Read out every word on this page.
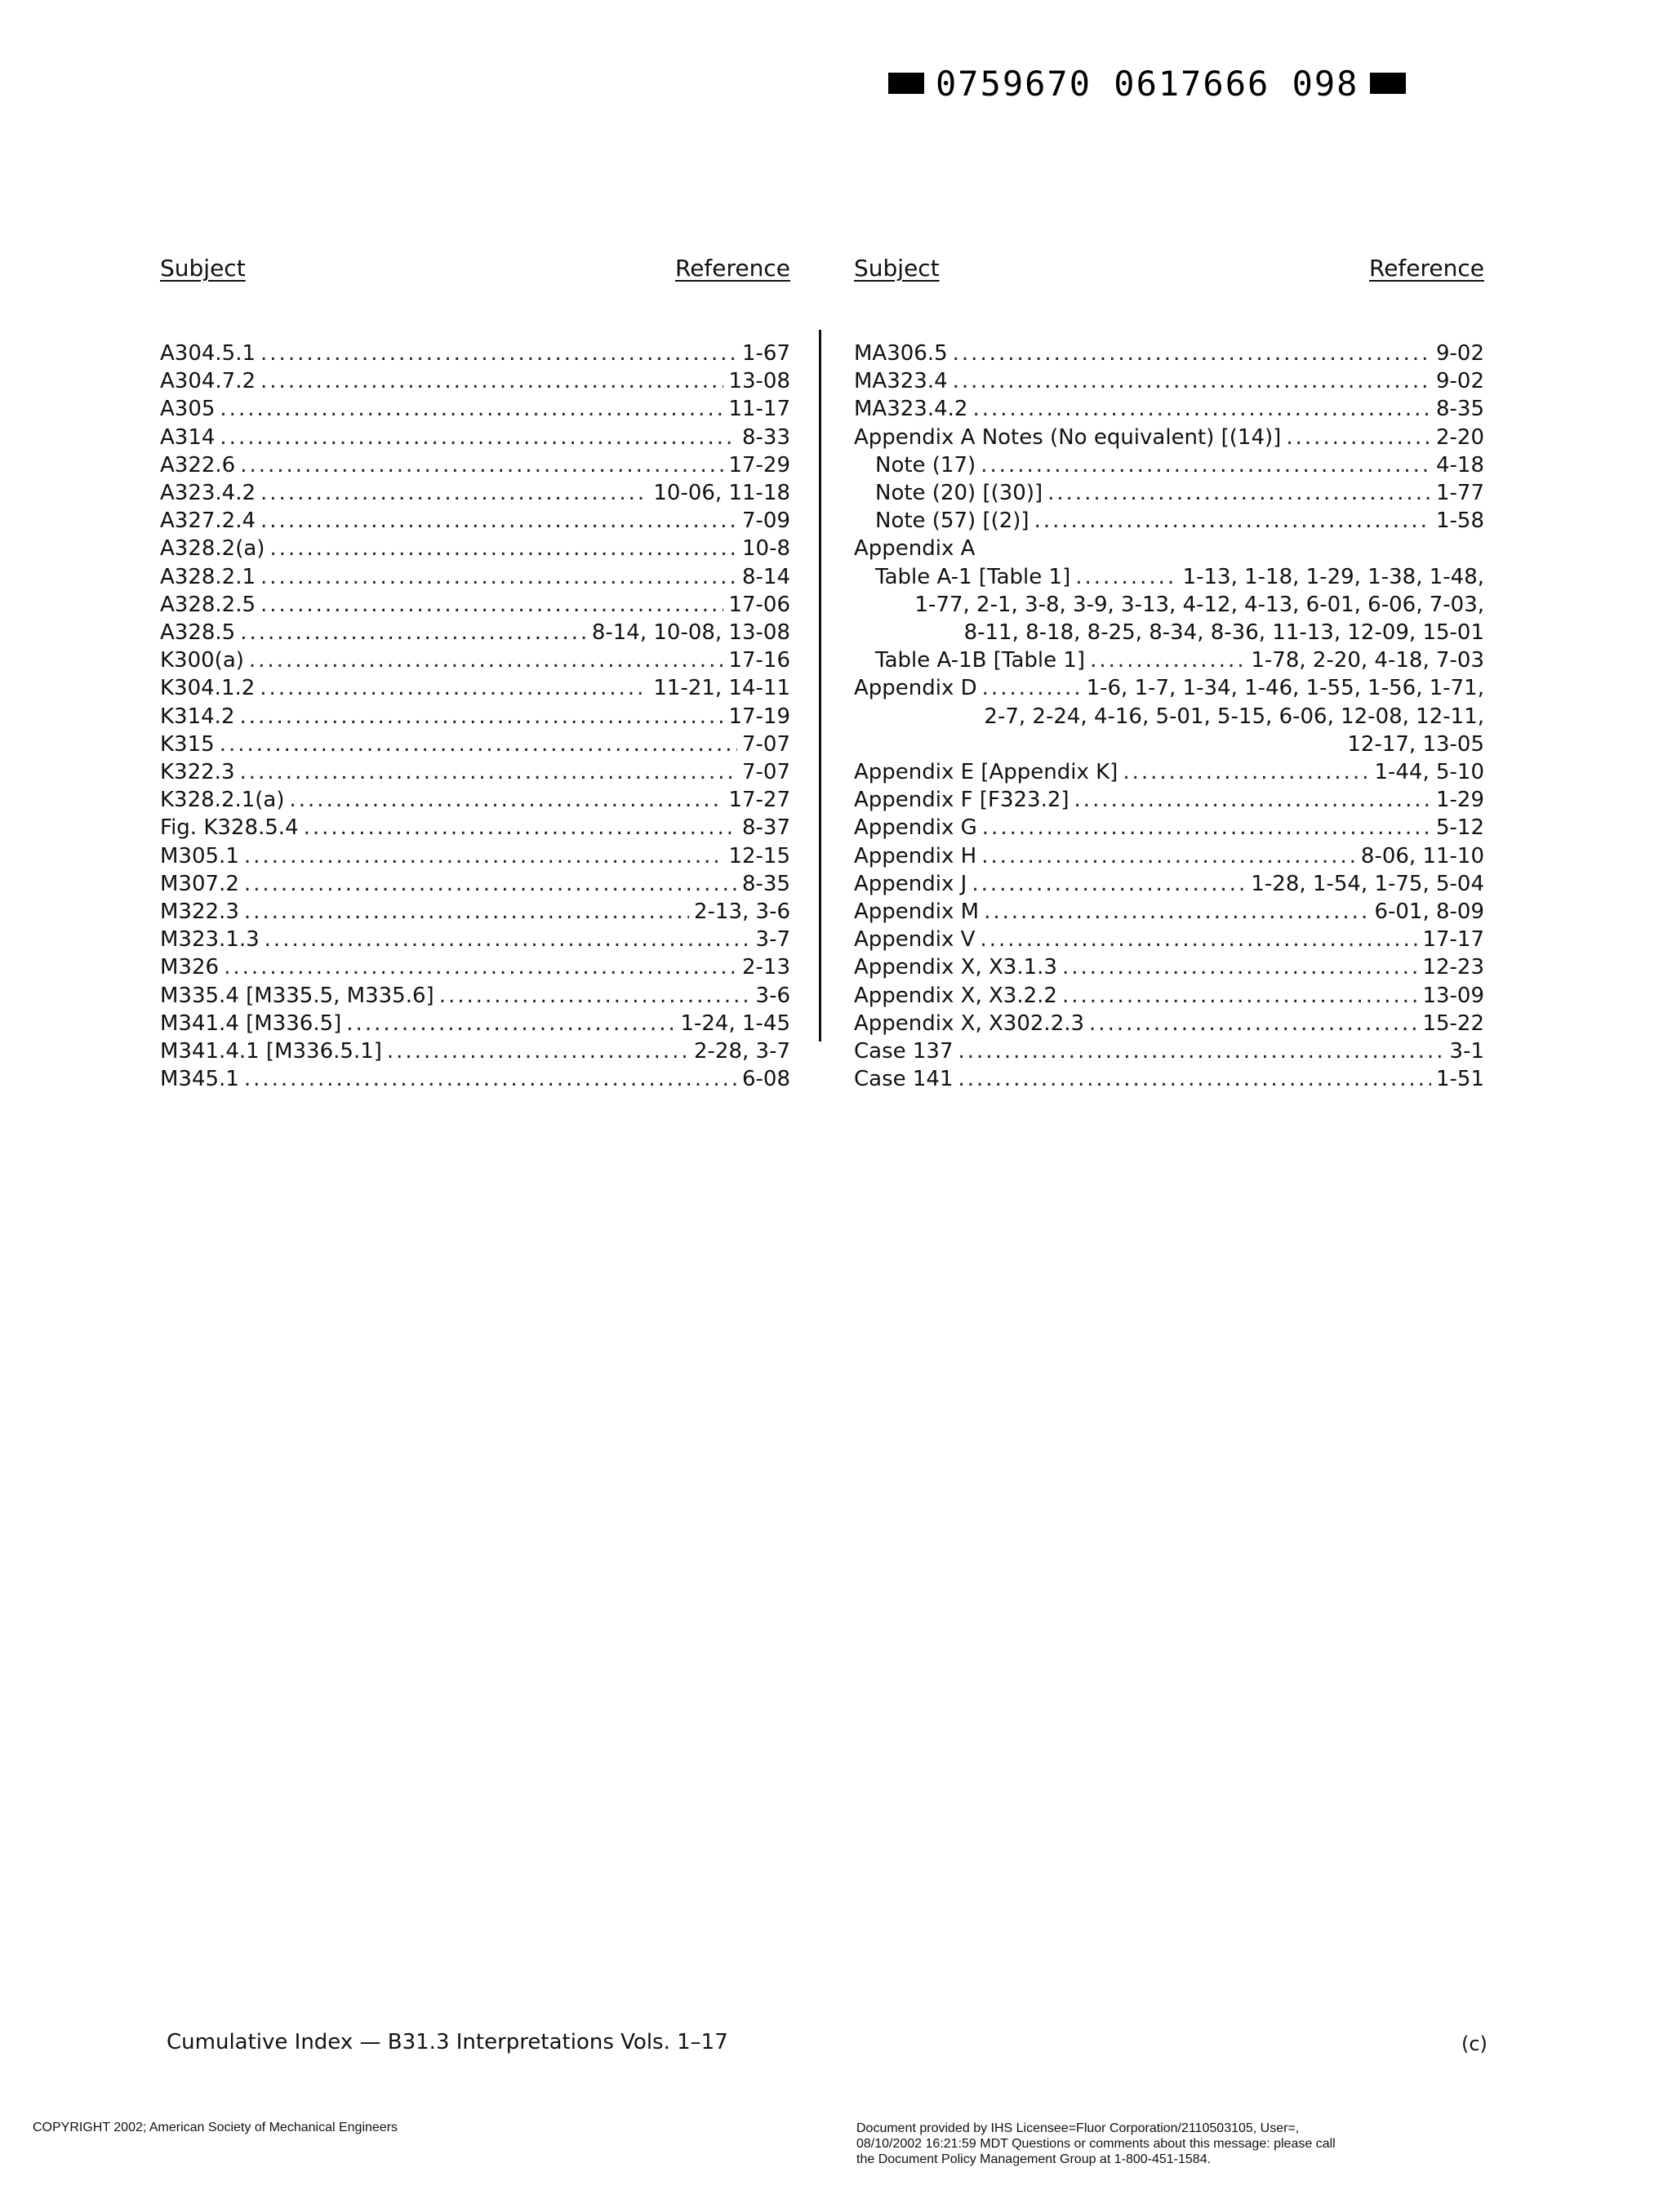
0759670 0617666 098
Subject	Reference
A304.5.1 .....	1-67
A304.7.2 .....	13-08
A305 .....	11-17
A314 .....	8-33
A322.6 .....	17-29
A323.4.2 .....	10-06, 11-18
A327.2.4 .....	7-09
A328.2(a) .....	10-8
A328.2.1 .....	8-14
A328.2.5 .....	17-06
A328.5 .....	8-14, 10-08, 13-08
K300(a) .....	17-16
K304.1.2 .....	11-21, 14-11
K314.2 .....	17-19
K315 .....	7-07
K322.3 .....	7-07
K328.2.1(a) .....	17-27
Fig. K328.5.4 .....	8-37
M305.1 .....	12-15
M307.2 .....	8-35
M322.3 .....	2-13, 3-6
M323.1.3 .....	3-7
M326 .....	2-13
M335.4 [M335.5, M335.6] .....	3-6
M341.4 [M336.5] .....	1-24, 1-45
M341.4.1 [M336.5.1] .....	2-28, 3-7
M345.1 .....	6-08
Subject	Reference
MA306.5 .....	9-02
MA323.4 .....	9-02
MA323.4.2 .....	8-35
Appendix A Notes (No equivalent) [(14)] .....	2-20
Note (17) .....	4-18
Note (20) [(30)] .....	1-77
Note (57) [(2)] .....	1-58
Appendix A
Table A-1 [Table 1] .....	1-13, 1-18, 1-29, 1-38, 1-48,
1-77, 2-1, 3-8, 3-9, 3-13, 4-12, 4-13, 6-01, 6-06, 7-03,
8-11, 8-18, 8-25, 8-34, 8-36, 11-13, 12-09, 15-01
Table A-1B [Table 1] .....	1-78, 2-20, 4-18, 7-03
Appendix D .....	1-6, 1-7, 1-34, 1-46, 1-55, 1-56, 1-71,
2-7, 2-24, 4-16, 5-01, 5-15, 6-06, 12-08, 12-11,
12-17, 13-05
Appendix E [Appendix K] .....	1-44, 5-10
Appendix F [F323.2] .....	1-29
Appendix G .....	5-12
Appendix H .....	8-06, 11-10
Appendix J .....	1-28, 1-54, 1-75, 5-04
Appendix M .....	6-01, 8-09
Appendix V .....	17-17
Appendix X, X3.1.3 .....	12-23
Appendix X, X3.2.2 .....	13-09
Appendix X, X302.2.3 .....	15-22
Case 137 .....	3-1
Case 141 .....	1-51
Cumulative Index — B31.3 Interpretations Vols. 1–17	(c)
COPYRIGHT 2002; American Society of Mechanical Engineers	Document provided by IHS Licensee=Fluor Corporation/2110503105, User=,
08/10/2002 16:21:59 MDT Questions or comments about this message: please call
the Document Policy Management Group at 1-800-451-1584.
